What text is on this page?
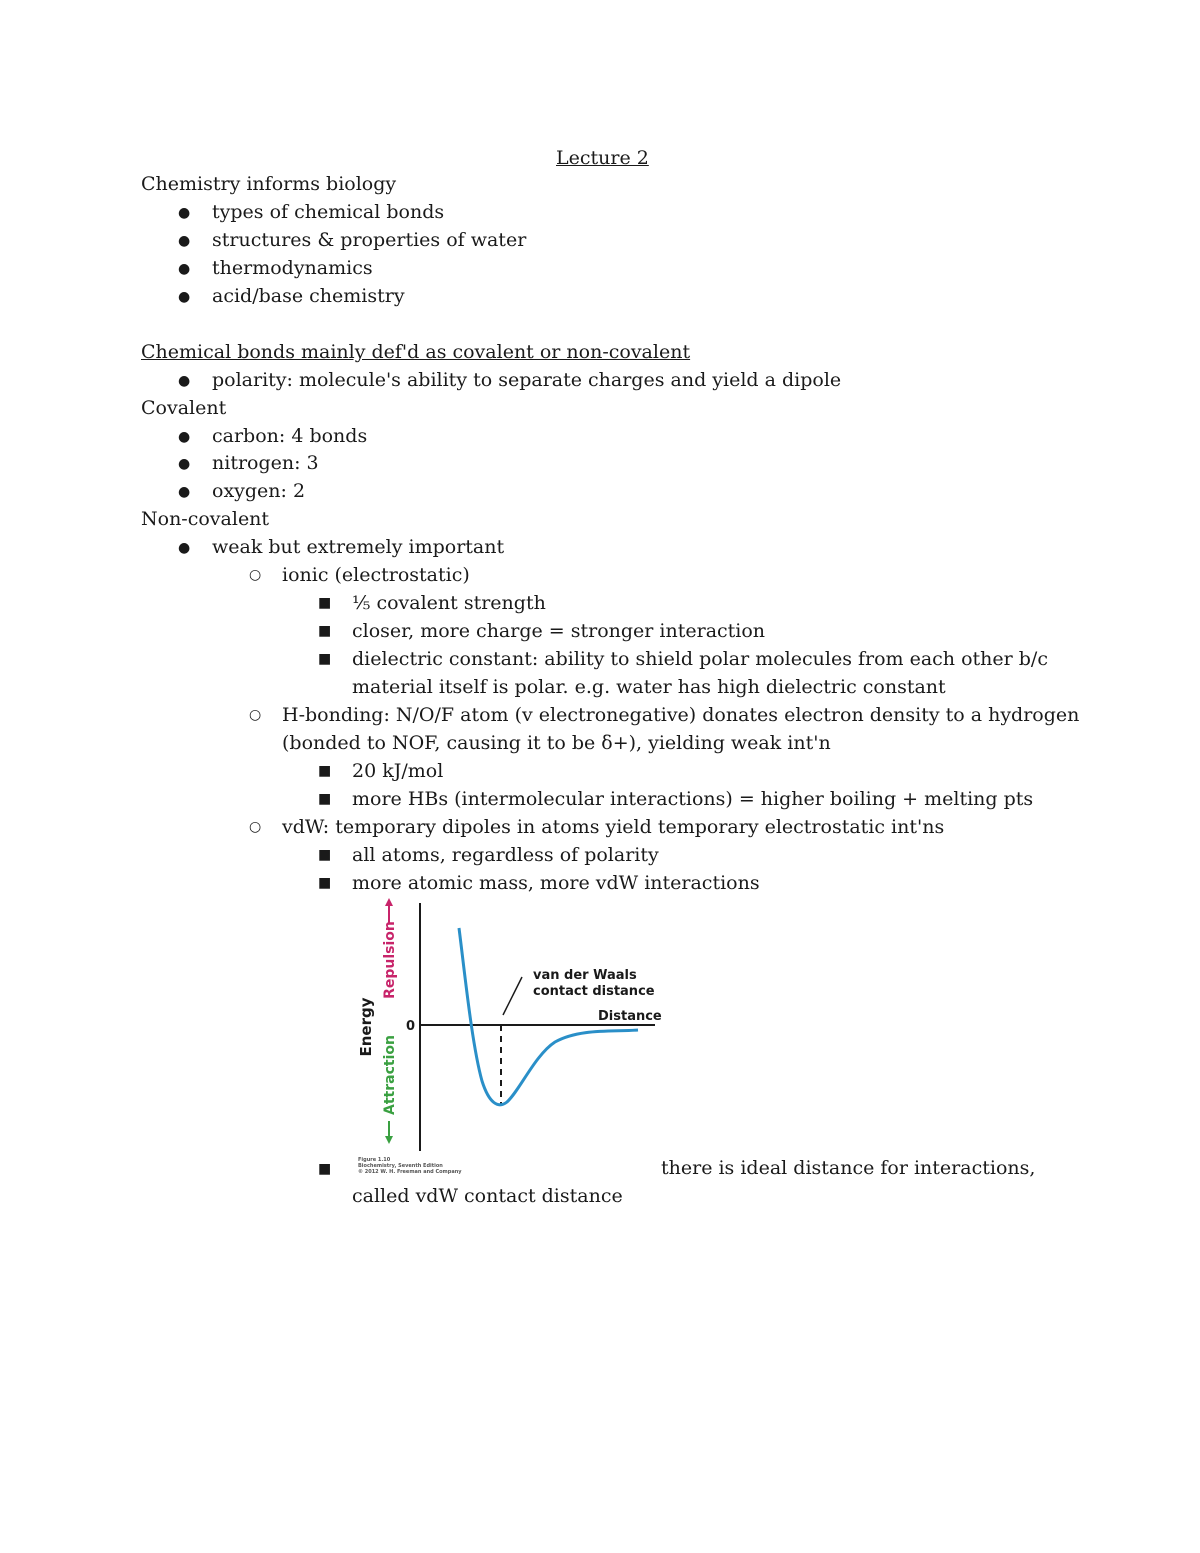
Lecture 2
Chemistry informs biology
● types of chemical bonds
● structures & properties of water
● thermodynamics
● acid/base chemistry
Chemical bonds mainly def'd as covalent or non-covalent
● polarity: molecule's ability to separate charges and yield a dipole
Covalent
● carbon: 4 bonds
● nitrogen: 3
● oxygen: 2
Non-covalent
● weak but extremely important
○ ionic (electrostatic)
■ ⅕ covalent strength
■ closer, more charge = stronger interaction
■ dielectric constant: ability to shield polar molecules from each other b/c
material itself is polar. e.g. water has high dielectric constant
○ H-bonding: N/O/F atom (v electronegative) donates electron density to a hydrogen
(bonded to NOF, causing it to be δ+), yielding weak int'n
■ 20 kJ/mol
■ more HBs (intermolecular interactions) = higher boiling + melting pts
○ vdW: temporary dipoles in atoms yield temporary electrostatic int'ns
■ all atoms, regardless of polarity
■ more atomic mass, more vdW interactions
Energy
Repulsion
Attraction
0
Distance
van der Waals
contact distance
Figure 1.10
Biochemistry, Seventh Edition
© 2012 W. H. Freeman and Company
■	there is ideal distance for interactions,
called vdW contact distance
